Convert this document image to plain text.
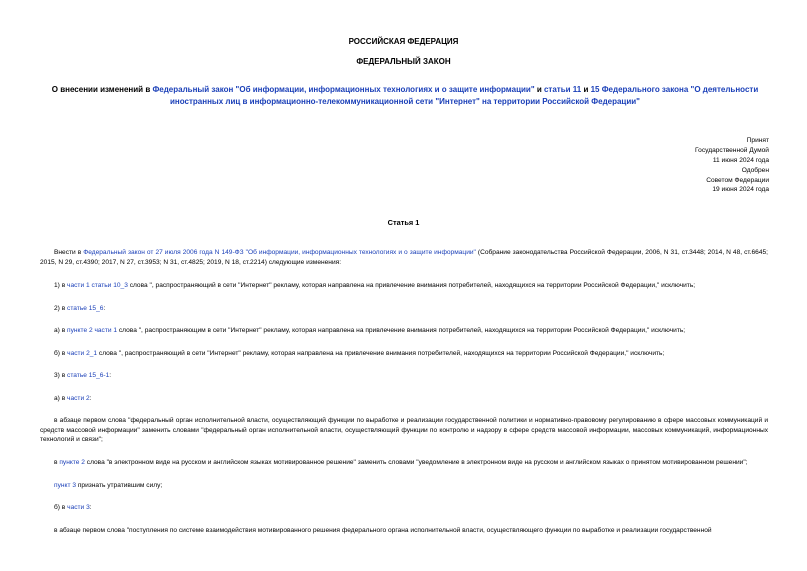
РОССИЙСКАЯ ФЕДЕРАЦИЯ
ФЕДЕРАЛЬНЫЙ ЗАКОН
О внесении изменений в Федеральный закон "Об информации, информационных технологиях и о защите информации" и статьи 11 и 15 Федерального закона "О деятельности иностранных лиц в информационно-телекоммуникационной сети "Интернет" на территории Российской Федерации"
Принят
Государственной Думой
11 июня 2024 года
Одобрен
Советом Федерации
19 июня 2024 года
Статья 1

Внести в Федеральный закон от 27 июля 2006 года N 149-ФЗ "Об информации, информационных технологиях и о защите информации" (Собрание законодательства Российской Федерации, 2006, N 31, ст.3448; 2014, N 48, ст.6645; 2015, N 29, ст.4390; 2017, N 27, ст.3953; N 31, ст.4825; 2019, N 18, ст.2214) следующие изменения:

1) в части 1 статьи 10_3 слова ", распространяющий в сети "Интернет" рекламу, которая направлена на привлечение внимания потребителей, находящихся на территории Российской Федерации," исключить;

2) в статье 15_6:

а) в пункте 2 части 1 слова ", распространяющим в сети "Интернет" рекламу, которая направлена на привлечение внимания потребителей, находящихся на территории Российской Федерации," исключить;

б) в части 2_1 слова ", распространяющий в сети "Интернет" рекламу, которая направлена на привлечение внимания потребителей, находящихся на территории Российской Федерации," исключить;

3) в статье 15_6-1:

а) в части 2:

в абзаце первом слова "федеральный орган исполнительной власти, осуществляющий функции по выработке и реализации государственной политики и нормативно-правовому регулированию в сфере массовых коммуникаций и средств массовой информации" заменить словами "федеральный орган исполнительной власти, осуществляющий функции по контролю и надзору в сфере средств массовой информации, массовых коммуникаций, информационных технологий и связи";

в пункте 2 слова "в электронном виде на русском и английском языках мотивированное решение" заменить словами "уведомление в электронном виде на русском и английском языках о принятом мотивированном решении";

пункт 3 признать утратившим силу;

б) в части 3:

в абзаце первом слова "поступления по системе взаимодействия мотивированного решения федерального органа исполнительной власти, осуществляющего функции по выработке и реализации государственной
